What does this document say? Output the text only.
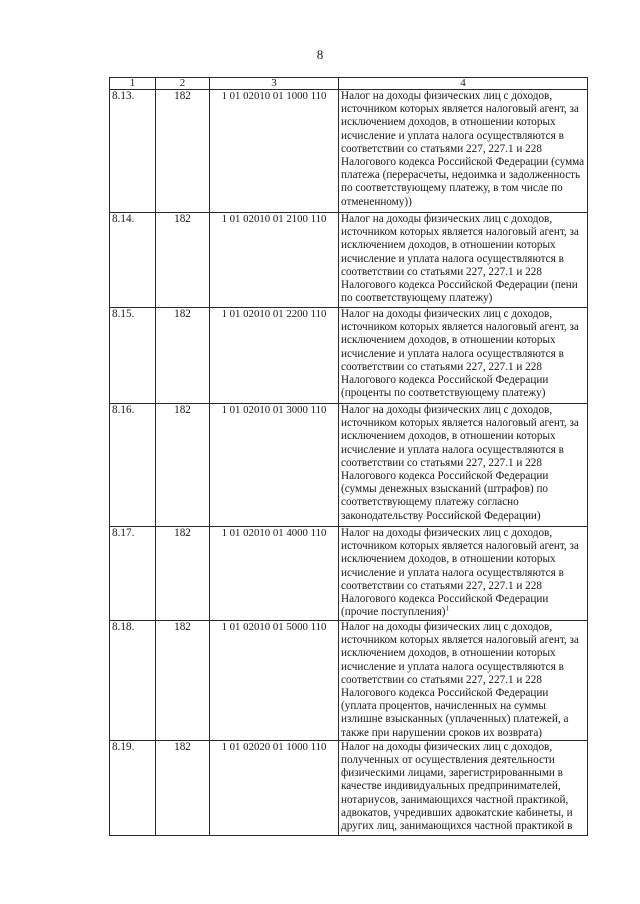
8
1	2	3	4
8.13.	182	1 01 02010 01 1000 110	Налог на доходы физических лиц с доходов, источником которых является налоговый агент, за исключением доходов, в отношении которых исчисление и уплата налога осуществляются в соответствии со статьями 227, 227.1 и 228 Налогового кодекса Российской Федерации (сумма платежа (перерасчеты, недоимка и задолженность по соответствующему платежу, в том числе по отмененному))
8.14.	182	1 01 02010 01 2100 110	Налог на доходы физических лиц с доходов, источником которых является налоговый агент, за исключением доходов, в отношении которых исчисление и уплата налога осуществляются в соответствии со статьями 227, 227.1 и 228 Налогового кодекса Российской Федерации (пени по соответствующему платежу)
8.15.	182	1 01 02010 01 2200 110	Налог на доходы физических лиц с доходов, источником которых является налоговый агент, за исключением доходов, в отношении которых исчисление и уплата налога осуществляются в соответствии со статьями 227, 227.1 и 228 Налогового кодекса Российской Федерации (проценты по соответствующему платежу)
8.16.	182	1 01 02010 01 3000 110	Налог на доходы физических лиц с доходов, источником которых является налоговый агент, за исключением доходов, в отношении которых исчисление и уплата налога осуществляются в соответствии со статьями 227, 227.1 и 228 Налогового кодекса Российской Федерации (суммы денежных взысканий (штрафов) по соответствующему платежу согласно законодательству Российской Федерации)
8.17.	182	1 01 02010 01 4000 110	Налог на доходы физических лиц с доходов, источником которых является налоговый агент, за исключением доходов, в отношении которых исчисление и уплата налога осуществляются в соответствии со статьями 227, 227.1 и 228 Налогового кодекса Российской Федерации (прочие поступления)$^1$
8.18.	182	1 01 02010 01 5000 110	Налог на доходы физических лиц с доходов, источником которых является налоговый агент, за исключением доходов, в отношении которых исчисление и уплата налога осуществляются в соответствии со статьями 227, 227.1 и 228 Налогового кодекса Российской Федерации (уплата процентов, начисленных на суммы излишне взысканных (уплаченных) платежей, а также при нарушении сроков их возврата)
8.19.	182	1 01 02020 01 1000 110	Налог на доходы физических лиц с доходов, полученных от осуществления деятельности физическими лицами, зарегистрированными в качестве индивидуальных предпринимателей, нотариусов, занимающихся частной практикой, адвокатов, учредивших адвокатские кабинеты, и других лиц, занимающихся частной практикой в
